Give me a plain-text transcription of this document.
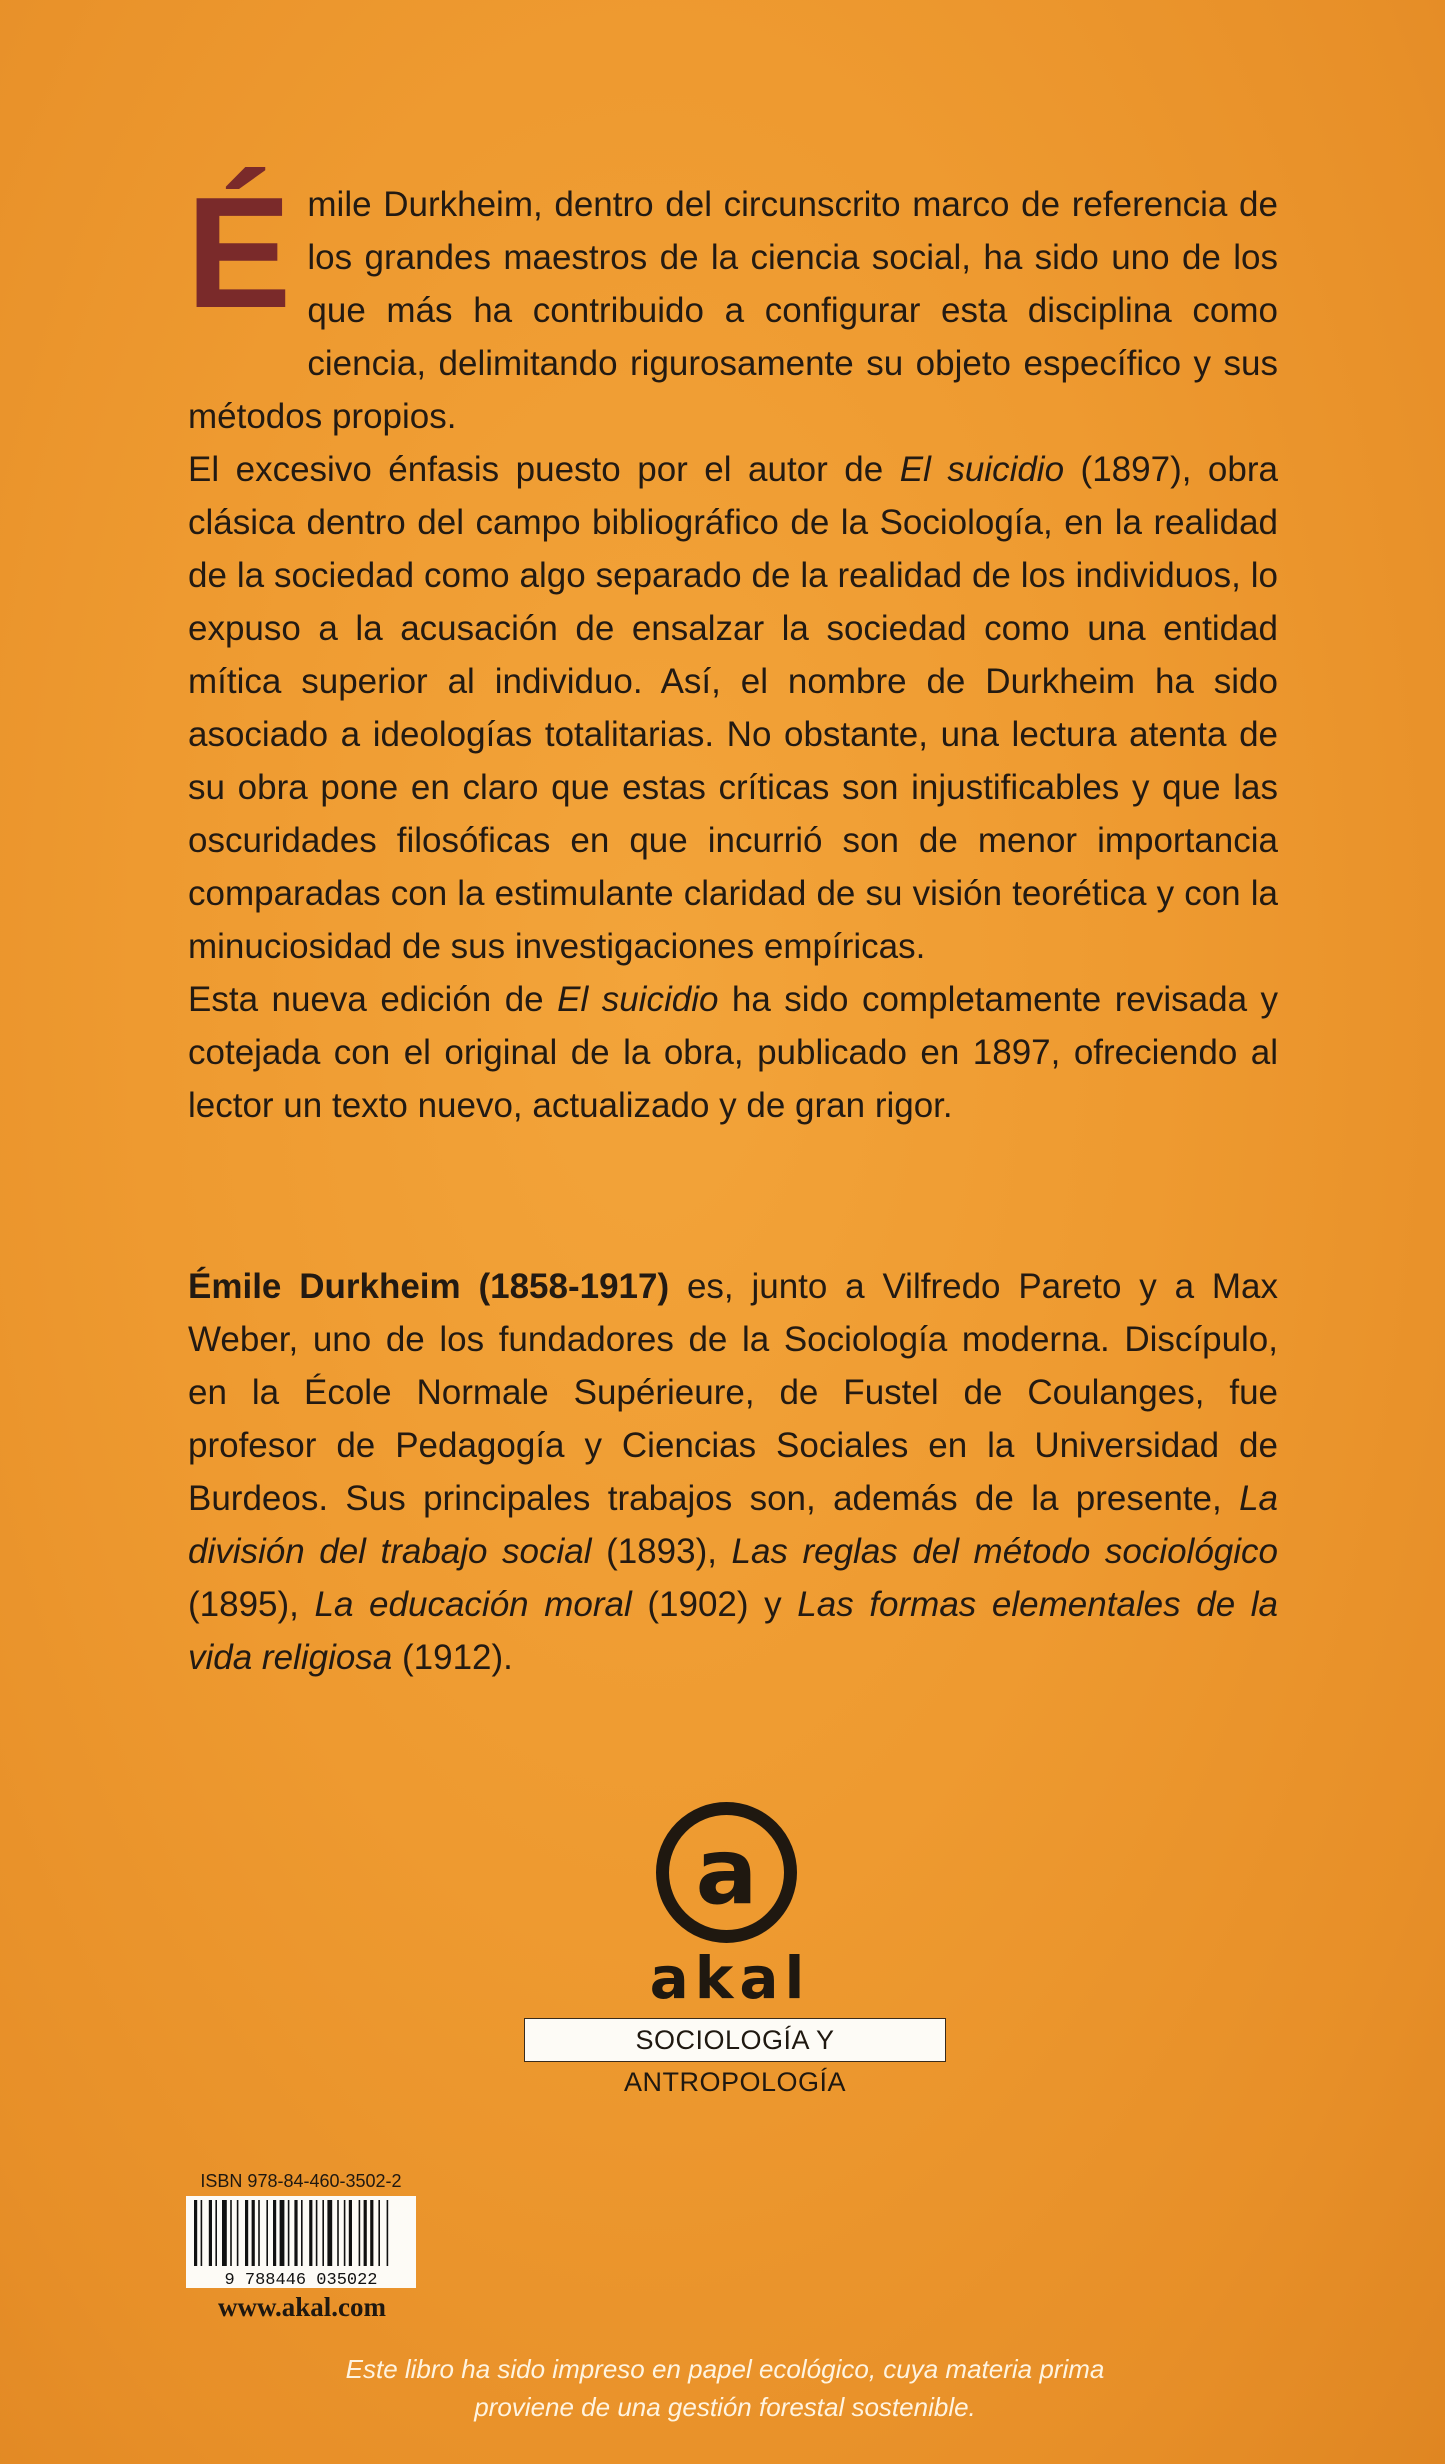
É mile Durkheim, dentro del circunscrito marco de referencia de los grandes maestros de la ciencia social, ha sido uno de los que más ha contribuido a configurar esta disciplina como ciencia, delimitando rigurosamente su objeto específico y sus métodos propios.

El excesivo énfasis puesto por el autor de El suicidio (1897), obra clásica dentro del campo bibliográfico de la Sociología, en la realidad de la sociedad como algo separado de la realidad de los individuos, lo expuso a la acusación de ensalzar la sociedad como una entidad mítica superior al individuo. Así, el nombre de Durkheim ha sido asociado a ideologías totalitarias. No obstante, una lectura atenta de su obra pone en claro que estas críticas son injustificables y que las oscuridades filosóficas en que incurrió son de menor importancia comparadas con la estimulante claridad de su visión teorética y con la minuciosidad de sus investigaciones empíricas.

Esta nueva edición de El suicidio ha sido completamente revisada y cotejada con el original de la obra, publicado en 1897, ofreciendo al lector un texto nuevo, actualizado y de gran rigor.

Émile Durkheim (1858-1917) es, junto a Vilfredo Pareto y a Max Weber, uno de los fundadores de la Sociología moderna. Discípulo, en la École Normale Supérieure, de Fustel de Coulanges, fue profesor de Pedagogía y Ciencias Sociales en la Universidad de Burdeos. Sus principales trabajos son, además de la presente, La división del trabajo social (1893), Las reglas del método sociológico (1895), La educación moral (1902) y Las formas elementales de la vida religiosa (1912).
a
akal
SOCIOLOGÍA Y ANTROPOLOGÍA
ISBN 978-84-460-3502-2
9 788446 035022
www.akal.com
Este libro ha sido impreso en papel ecológico, cuya materia prima proviene de una gestión forestal sostenible.
